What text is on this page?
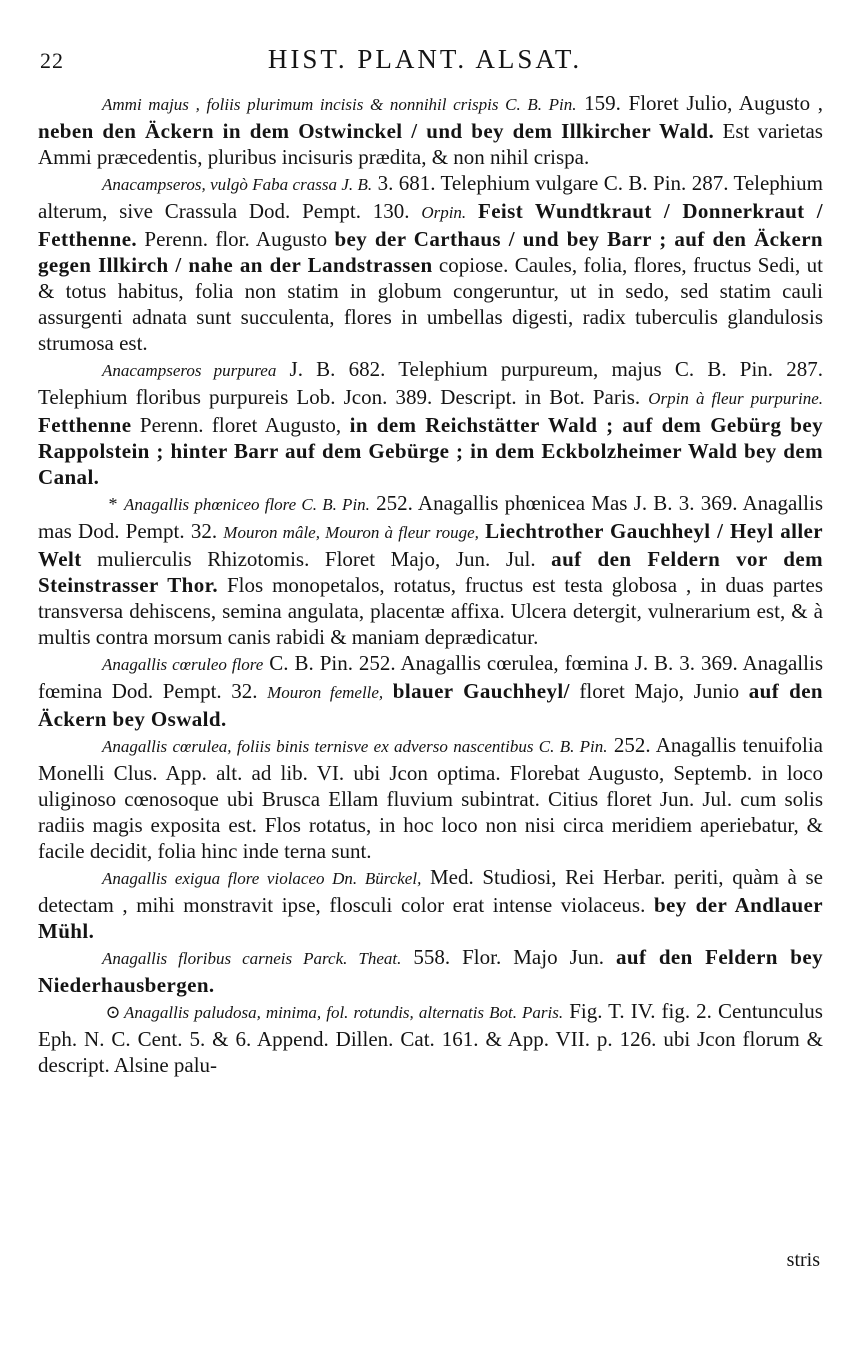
22	HIST. PLANT. ALSAT.

Ammi majus , foliis plurimum incisis & nonnihil crispis C. B. Pin. 159. Floret Julio, Augusto , neben den Äckern in dem Ostwinckel / und bey dem Illkircher Wald. Est varietas Ammi præcedentis, pluribus incisuris prædita, & non nihil crispa.

Anacampseros, vulgò Faba crassa J. B. 3. 681. Telephium vulgare C. B. Pin. 287. Telephium alterum, sive Crassula Dod. Pempt. 130. Orpin. Feist Wundtkraut / Donnerkraut / Fetthenne. Perenn. flor. Augusto bey der Carthaus / und bey Barr ; auf den Äckern gegen Illkirch / nahe an der Landstrassen copiose. Caules, folia, flores, fructus Sedi, ut & totus habitus, folia non statim in globum congeruntur, ut in sedo, sed statim cauli assurgenti adnata sunt succulenta, flores in umbellas digesti, radix tuberculis glandulosis strumosa est.

Anacampseros purpurea J. B. 682. Telephium purpureum, majus C. B. Pin. 287. Telephium floribus purpureis Lob. Jcon. 389. Descript. in Bot. Paris. Orpin à fleur purpurine. Fetthenne Perenn. floret Augusto, in dem Reichstätter Wald ; auf dem Gebürg bey Rappolstein ; hinter Barr auf dem Gebürge ; in dem Eckbolzheimer Wald bey dem Canal.

*Anagallis phœniceo flore C. B. Pin. 252. Anagallis phœnicea Mas J. B. 3. 369. Anagallis mas Dod. Pempt. 32. Mouron mâle, Mouron à fleur rouge, Liechtrother Gauchheyl / Heyl aller Welt mulierculis Rhizotomis. Floret Majo, Jun. Jul. auf den Feldern vor dem Steinstrasser Thor. Flos monopetalos, rotatus, fructus est testa globosa , in duas partes transversa dehiscens, semina angulata, placentæ affixa. Ulcera detergit, vulnerarium est, & à multis contra morsum canis rabidi & maniam deprædicatur.

Anagallis cœruleo flore C. B. Pin. 252. Anagallis cœrulea, fœmina J. B. 3. 369. Anagallis fœmina Dod. Pempt. 32. Mouron femelle, blauer Gauchheyl/ floret Majo, Junio auf den Äckern bey Oswald.

Anagallis cœrulea, foliis binis ternisve ex adverso nascentibus C. B. Pin. 252. Anagallis tenuifolia Monelli Clus. App. alt. ad lib. VI. ubi Jcon optima. Florebat Augusto, Septemb. in loco uliginoso cœnosoque ubi Brusca Ellam fluvium subintrat. Citius floret Jun. Jul. cum solis radiis magis exposita est. Flos rotatus, in hoc loco non nisi circa meridiem aperiebatur, & facile decidit, folia hinc inde terna sunt.

Anagallis exigua flore violaceo Dn. Bürckel, Med. Studiosi, Rei Herbar. periti, quàm à se detectam , mihi monstravit ipse, flosculi color erat intense violaceus. bey der Andlauer Mühl.

Anagallis floribus carneis Parck. Theat. 558. Flor. Majo Jun. auf den Feldern bey Niederhausbergen.

⊙Anagallis paludosa, minima, fol. rotundis, alternatis Bot. Paris. Fig. T. IV. fig. 2. Centunculus Eph. N. C. Cent. 5. & 6. Append. Dillen. Cat. 161. & App. VII. p. 126. ubi Jcon florum & descript. Alsine palu-

stris
